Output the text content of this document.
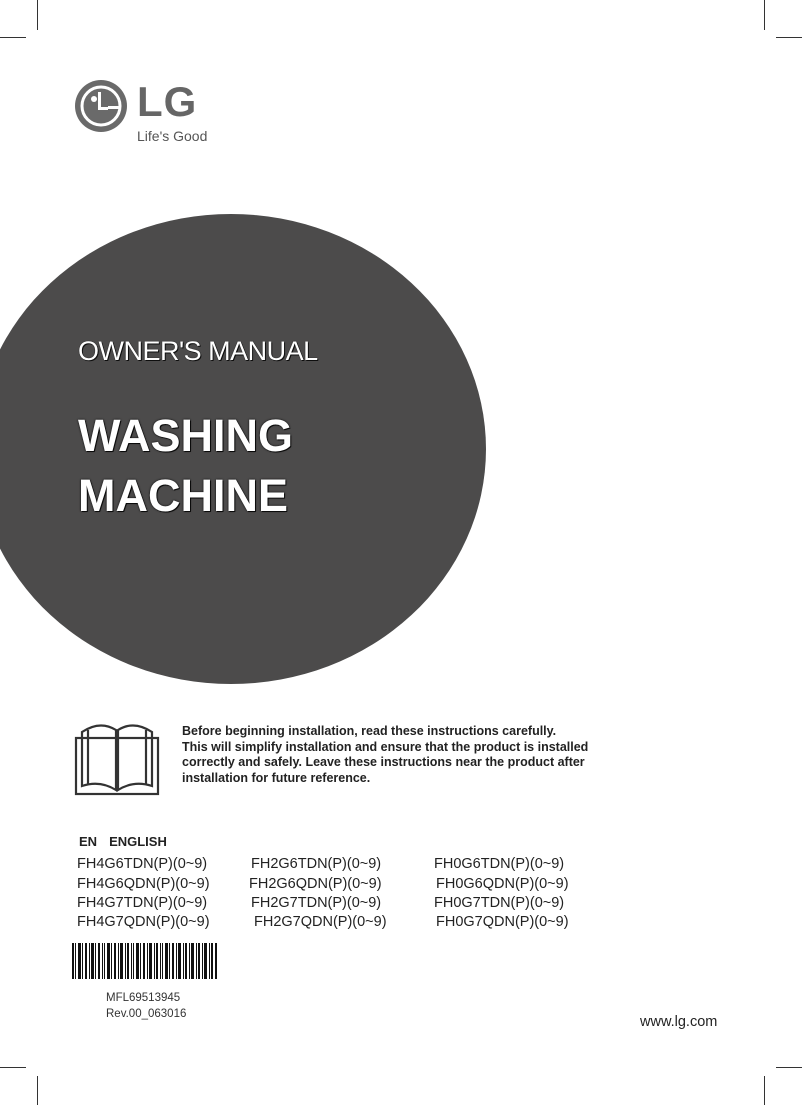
LG
Life's Good
OWNER'S MANUAL
WASHING
MACHINE
Before beginning installation, read these instructions carefully.
This will simplify installation and ensure that the product is installed
correctly and safely. Leave these instructions near the product after
installation for future reference.
EN ENGLISH
FH4G6TDN(P)(0~9)
FH4G6QDN(P)(0~9)
FH4G7TDN(P)(0~9)
FH4G7QDN(P)(0~9)
FH2G6TDN(P)(0~9)
FH2G6QDN(P)(0~9)
FH2G7TDN(P)(0~9)
FH2G7QDN(P)(0~9)
FH0G6TDN(P)(0~9)
FH0G6QDN(P)(0~9)
FH0G7TDN(P)(0~9)
FH0G7QDN(P)(0~9)
MFL69513945
Rev.00_063016	www.lg.com
